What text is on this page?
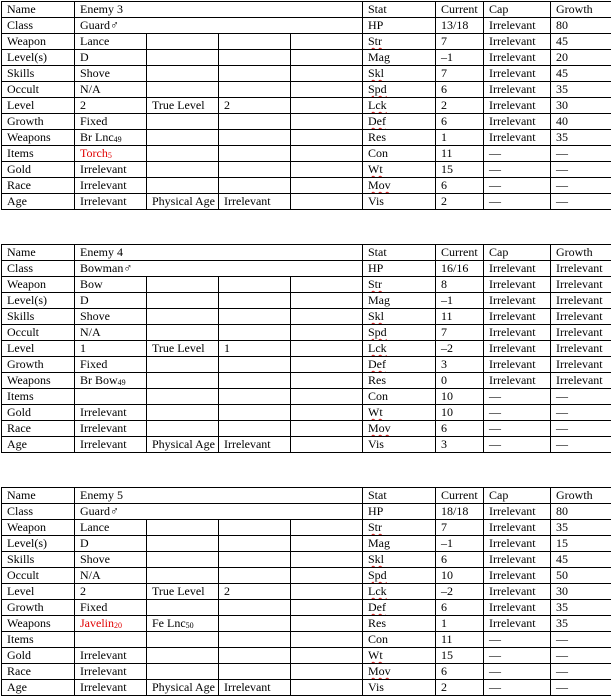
Name	Enemy 3				Stat	Current	Cap	Growth	
Class	Guard♂				HP	13/18	Irrelevant	80	
Weapon	Lance				Str	7	Irrelevant	45	
Level(s)	D				Mag	–1	Irrelevant	20	
Skills	Shove				Skl	7	Irrelevant	45	
Occult	N/A				Spd	6	Irrelevant	35	
Level	2	True Level	2		Lck	2	Irrelevant	30	
Growth	Fixed				Def	6	Irrelevant	40	
Weapons	Br Lnc$_{49}$				Res	1	Irrelevant	35	
Items	Torch$_5$				Con	11	—	—	
Gold	Irrelevant				Wt	15	—	—	
Race	Irrelevant				Mov	6	—	—	
Age	Irrelevant	Physical Age	Irrelevant		Vis	2	—	—	
Name	Enemy 4				Stat	Current	Cap	Growth	
Class	Bowman♂				HP	16/16	Irrelevant	Irrelevant	
Weapon	Bow				Str	8	Irrelevant	Irrelevant	
Level(s)	D				Mag	–1	Irrelevant	Irrelevant	
Skills	Shove				Skl	11	Irrelevant	Irrelevant	
Occult	N/A				Spd	7	Irrelevant	Irrelevant	
Level	1	True Level	1		Lck	–2	Irrelevant	Irrelevant	
Growth	Fixed				Def	3	Irrelevant	Irrelevant	
Weapons	Br Bow$_{49}$				Res	0	Irrelevant	Irrelevant	
Items					Con	10	—	—	
Gold	Irrelevant				Wt	10	—	—	
Race	Irrelevant				Mov	6	—	—	
Age	Irrelevant	Physical Age	Irrelevant		Vis	3	—	—	
Name	Enemy 5				Stat	Current	Cap	Growth	
Class	Guard♂				HP	18/18	Irrelevant	80	
Weapon	Lance				Str	7	Irrelevant	35	
Level(s)	D				Mag	–1	Irrelevant	15	
Skills	Shove				Skl	6	Irrelevant	45	
Occult	N/A				Spd	10	Irrelevant	50	
Level	2	True Level	2		Lck	–2	Irrelevant	30	
Growth	Fixed				Def	6	Irrelevant	35	
Weapons	Javelin$_{20}$	Fe Lnc$_{50}$			Res	1	Irrelevant	35	
Items					Con	11	—	—	
Gold	Irrelevant				Wt	15	—	—	
Race	Irrelevant				Mov	6	—	—	
Age	Irrelevant	Physical Age	Irrelevant		Vis	2	—	—	
